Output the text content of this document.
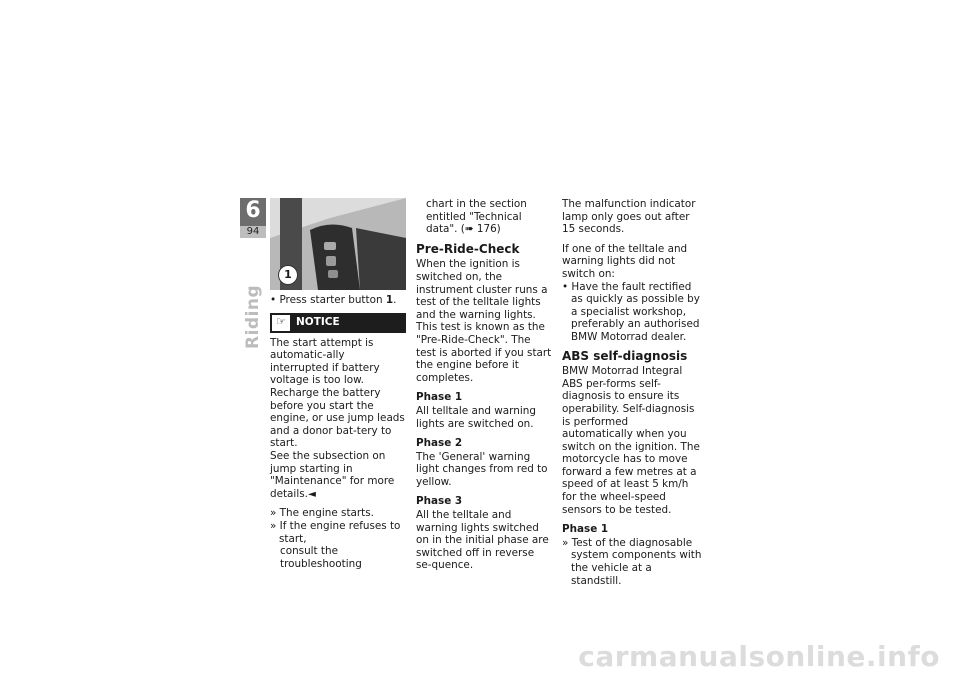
6
94
Riding
1

• Press starter button 1.

☞ NOTICE

The start attempt is automatic-ally interrupted if battery voltage is too low. Recharge the battery before you start the engine, or use jump leads and a donor bat-tery to start.

See the subsection on jump starting in "Maintenance" for more details.◄

» The engine starts.

» If the engine refuses to start,

consult the troubleshooting

chart in the section entitled "Technical data". (➠ 176)

Pre-Ride-Check

When the ignition is switched on, the instrument cluster runs a test of the telltale lights and the warning lights. This test is known as the "Pre-Ride-Check". The test is aborted if you start the engine before it completes.

Phase 1

All telltale and warning lights are switched on.

Phase 2

The 'General' warning light changes from red to yellow.

Phase 3

All the telltale and warning lights switched on in the initial phase are switched off in reverse se-quence.

The malfunction indicator lamp only goes out after 15 seconds.

If one of the telltale and warning lights did not switch on:

• Have the fault rectified as quickly as possible by a specialist workshop, preferably an authorised BMW Motorrad dealer.

ABS self-diagnosis

BMW Motorrad Integral ABS per-forms self-diagnosis to ensure its operability. Self-diagnosis is performed automatically when you switch on the ignition. The motorcycle has to move forward a few metres at a speed of at least 5 km/h for the wheel-speed sensors to be tested.

Phase 1

» Test of the diagnosable system components with the vehicle at a standstill.

carmanualsonline.info
